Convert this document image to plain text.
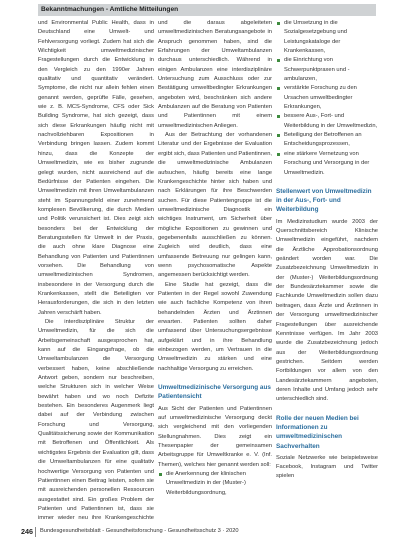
Bekanntmachungen - Amtliche Mitteilungen

und Environmental Public Health, dass in Deutschland eine Umwelt- und Fehlversorgung vorliegt. Zudem hat sich die Wichtigkeit umweltmedizinischer Fragestellungen durch die Entwicklung in den Vergleich zu den 1990er Jahren qualitativ und quantitativ verändert. Symptome, die nicht nur allein fehlen einen genannt werden, geprüfte Fälle, gesehen, wie z. B. MCS-Syndrome, CFS oder Sick Building Syndrome, hat sich gezeigt, dass sich diese Erkrankungen häufig nicht mit nachvollziehbaren Expositionen in Verbindung bringen lassen. Zudem kommt hinzu, dass die Konzepte der Umweltmedizin, wie es bisher zugrunde gelegt wurden, nicht ausreichend auf die Bedürfnisse der Patienten eingehen. Die Umweltmedizin mit ihren Umweltambulanzen steht im Spannungsfeld einer zunehmend komplexen Bevölkerung, die durch Medien und Politik verunsichert ist. Dies zeigt sich besonders bei der Entwicklung der Beratungsstellen für Umwelt in der Praxis, die auch ohne klare Diagnose eine Behandlung von Patienten und Patientinnen vorsehen. Die Behandlung von umweltmedizinischen Syndromen, insbesondere in der Versorgung durch die Krankenkassen, stellt die Beteiligten vor Herausforderungen, die sich in den letzten Jahren verschärft haben.

Die interdisziplinäre Struktur der Umweltmedizin, für die sich die Arbeitsgemeinschaft ausgesprochen hat, kann auf die Eingangsfrage, ob die Umweltambulanzen die Versorgung verbessert haben, keine abschließende Antwort geben, sondern nur beschreiben, welche Strukturen sich in welcher Weise bewährt haben und wo noch Defizite bestehen. Ein besonderes Augenmerk liegt dabei auf der Verbindung zwischen Forschung und Versorgung, Qualitätssicherung sowie der Kommunikation mit Betroffenen und Öffentlichkeit. Als wichtigstes Ergebnis der Evaluation gilt, dass die Umweltambulanzen für eine qualitativ hochwertige Versorgung von Patienten und Patientinnen einen Beitrag leisten, sofern sie mit ausreichenden personellen Ressourcen ausgestattet sind. Ein großes Problem der Patienten und Patientinnen ist, dass sie immer wieder neu ihre Krankengeschichte

und die daraus abgeleiteten umweltmedizinischen Beratungsangebote in Anspruch genommen haben, sind die Erfahrungen der Umweltambulanzen durchaus unterschiedlich. Während in einigen Ambulanzen eine interdisziplinäre Untersuchung zum Ausschluss oder zur Bestätigung umweltbedingter Erkrankungen angeboten wird, beschränken sich andere Ambulanzen auf die Beratung von Patienten und Patientinnen mit einem umweltmedizinischen Anliegen.

Aus der Betrachtung der vorhandenen Literatur und der Ergebnisse der Evaluation ergibt sich, dass Patienten und Patientinnen, die umweltmedizinische Ambulanzen aufsuchen, häufig bereits eine lange Krankengeschichte hinter sich haben und nach Erklärungen für ihre Beschwerden suchen. Für diese Patientengruppe ist die umweltmedizinische Diagnostik ein wichtiges Instrument, um Sicherheit über mögliche Expositionen zu gewinnen und gegebenenfalls ausschließen zu können. Zugleich wird deutlich, dass eine umfassende Betreuung nur gelingen kann, wenn psychosomatische Aspekte angemessen berücksichtigt werden.

Eine Studie hat gezeigt, dass die Patienten in der Regel sowohl Zuwendung wie auch fachliche Kompetenz von ihren behandelnden Ärzten und Ärztinnen erwarten. Patienten sollten daher umfassend über Untersuchungsergebnisse aufgeklärt und in ihre Behandlung einbezogen werden, um Vertrauen in die Umweltmedizin zu stärken und eine nachhaltige Versorgung zu erreichen.

Umweltmedizinische Versorgung aus Patientensicht

Aus Sicht der Patienten und Patientinnen auf umweltmedizinische Versorgung deckt sich vergleichend mit den vorliegenden Stellungnahmen. Dies zeigt ein Thesenpapier der gemeinsamen Arbeitsgruppe für Umweltkranke e. V. (Inf. Themen), welches hier genannt werden soll:

die Anerkennung der klinischen Umweltmedizin in der (Muster-) Weiterbildungsordnung,
die Umsetzung in die Sozialgesetzgebung und Leistungskataloge der Krankenkassen,
die Einrichtung von Schwerpunktpraxen und -ambulanzen,
verstärkte Forschung zu den Ursachen umweltbedingter Erkrankungen,
bessere Aus-, Fort- und Weiterbildung in der Umweltmedizin,
Beteiligung der Betroffenen an Entscheidungsprozessen,
eine stärkere Vernetzung von Forschung und Versorgung in der Umweltmedizin.
Stellenwert von Umweltmedizin in der Aus-, Fort- und Weiterbildung

Im Medizinstudium wurde 2003 der Querschnittsbereich Klinische Umweltmedizin eingeführt, nachdem die Ärztliche Approbationsordnung geändert worden war. Die Zusatzbezeichnung Umweltmedizin in der (Muster-) Weiterbildungsordnung der Bundesärztekammer sowie die Fachkunde Umweltmedizin sollen dazu beitragen, dass Ärzte und Ärztinnen in der Versorgung umweltmedizinischer Fragestellungen über ausreichende Kenntnisse verfügen. Im Jahr 2003 wurde die Zusatzbezeichnung jedoch aus der Weiterbildungsordnung gestrichen. Seitdem werden Fortbildungen vor allem von den Landesärztekammern angeboten, deren Inhalte und Umfang jedoch sehr unterschiedlich sind.

Rolle der neuen Medien bei Informationen zu umweltmedizinischen Sachverhalten

Soziale Netzwerke wie beispielsweise Facebook, Instagram und Twitter spielen

246 Bundesgesundheitsblatt - Gesundheitsforschung - Gesundheitsschutz 3 · 2020
